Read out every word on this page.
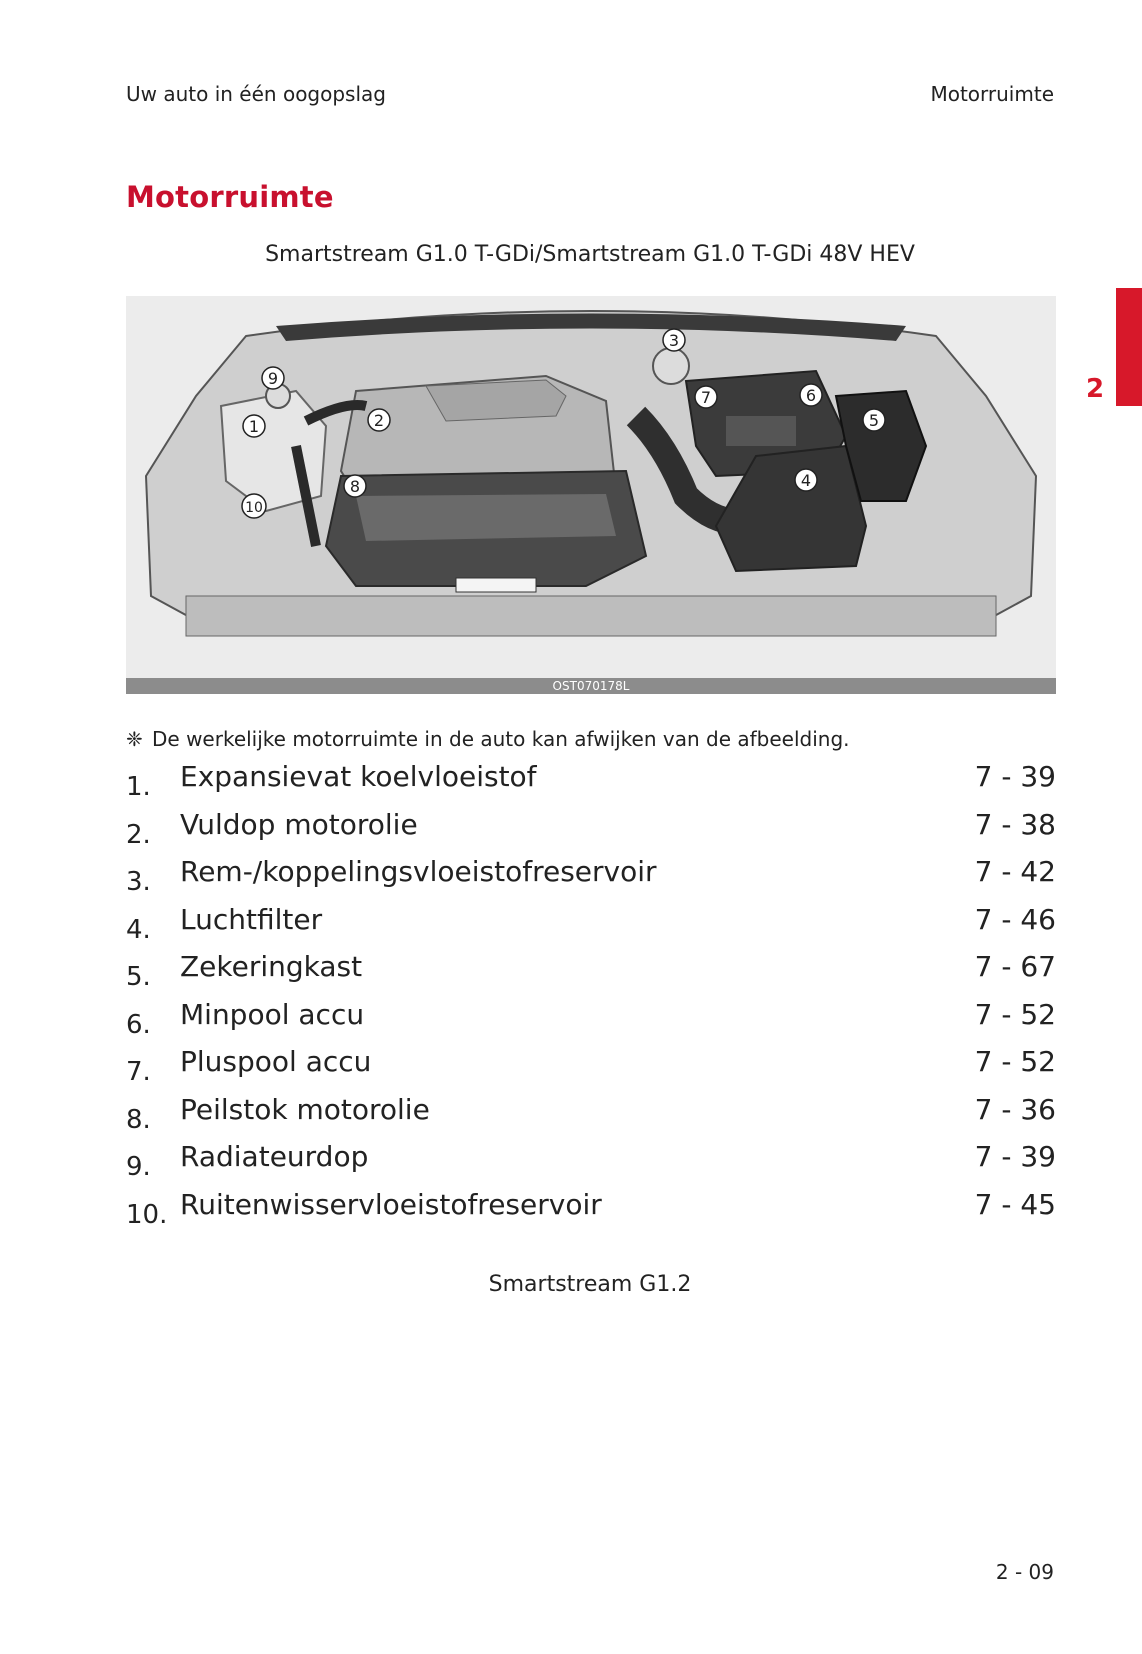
Uw auto in één oogopslag	Motorruimte
2
Motorruimte
Smartstream G1.0 T-GDi/Smartstream G1.0 T-GDi 48V HEV
1	2
3
4
5
6
7
8
9
10
OST070178L
❈ De werkelijke motorruimte in de auto kan afwijken van de afbeelding.
1. Expansievat koelvloeistof	7 - 39
2. Vuldop motorolie	7 - 38
3. Rem-/koppelingsvloeistofreservoir	7 - 42
4. Luchtfilter	7 - 46
5. Zekeringkast	7 - 67
6. Minpool accu	7 - 52
7. Pluspool accu	7 - 52
8. Peilstok motorolie	7 - 36
9. Radiateurdop	7 - 39
10. Ruitenwisservloeistofreservoir	7 - 45
Smartstream G1.2
2 - 09
